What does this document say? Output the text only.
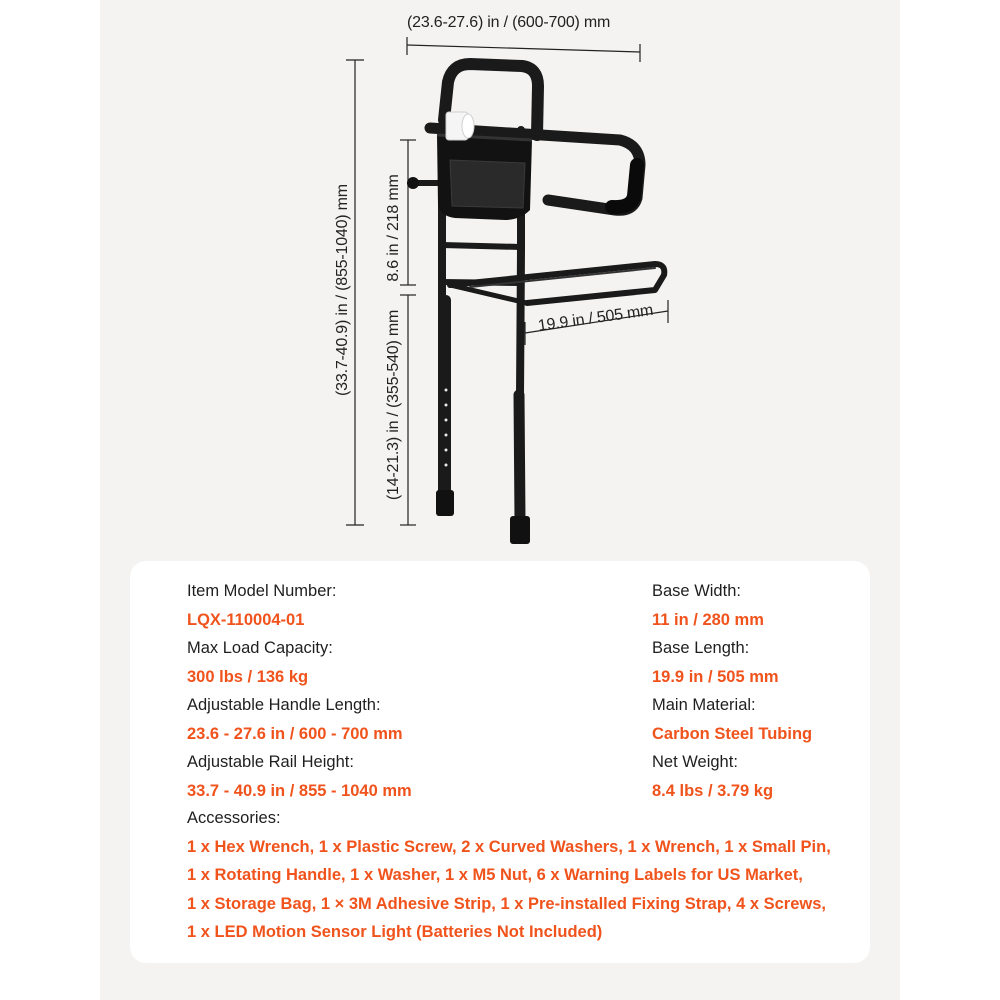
(23.6-27.6) in / (600-700) mm
(33.7-40.9) in / (855-1040) mm 8.6 in / 218 mm
(14-21.3) in / (355-540) mm	19.9 in / 505 mm
Item Model Number:
LQX-110004-01
Max Load Capacity:
300 lbs / 136 kg
Adjustable Handle Length:
23.6 - 27.6 in / 600 - 700 mm
Adjustable Rail Height:
33.7 - 40.9 in / 855 - 1040 mm
Base Width:
11 in / 280 mm
Base Length:
19.9 in / 505 mm
Main Material:
Carbon Steel Tubing
Net Weight:
8.4 lbs / 3.79 kg
Accessories:
1 x Hex Wrench, 1 x Plastic Screw, 2 x Curved Washers, 1 x Wrench, 1 x Small Pin,
1 x Rotating Handle, 1 x Washer, 1 x M5 Nut, 6 x Warning Labels for US Market,
1 x Storage Bag, 1 × 3M Adhesive Strip, 1 x Pre-installed Fixing Strap, 4 x Screws,
1 x LED Motion Sensor Light (Batteries Not Included)
